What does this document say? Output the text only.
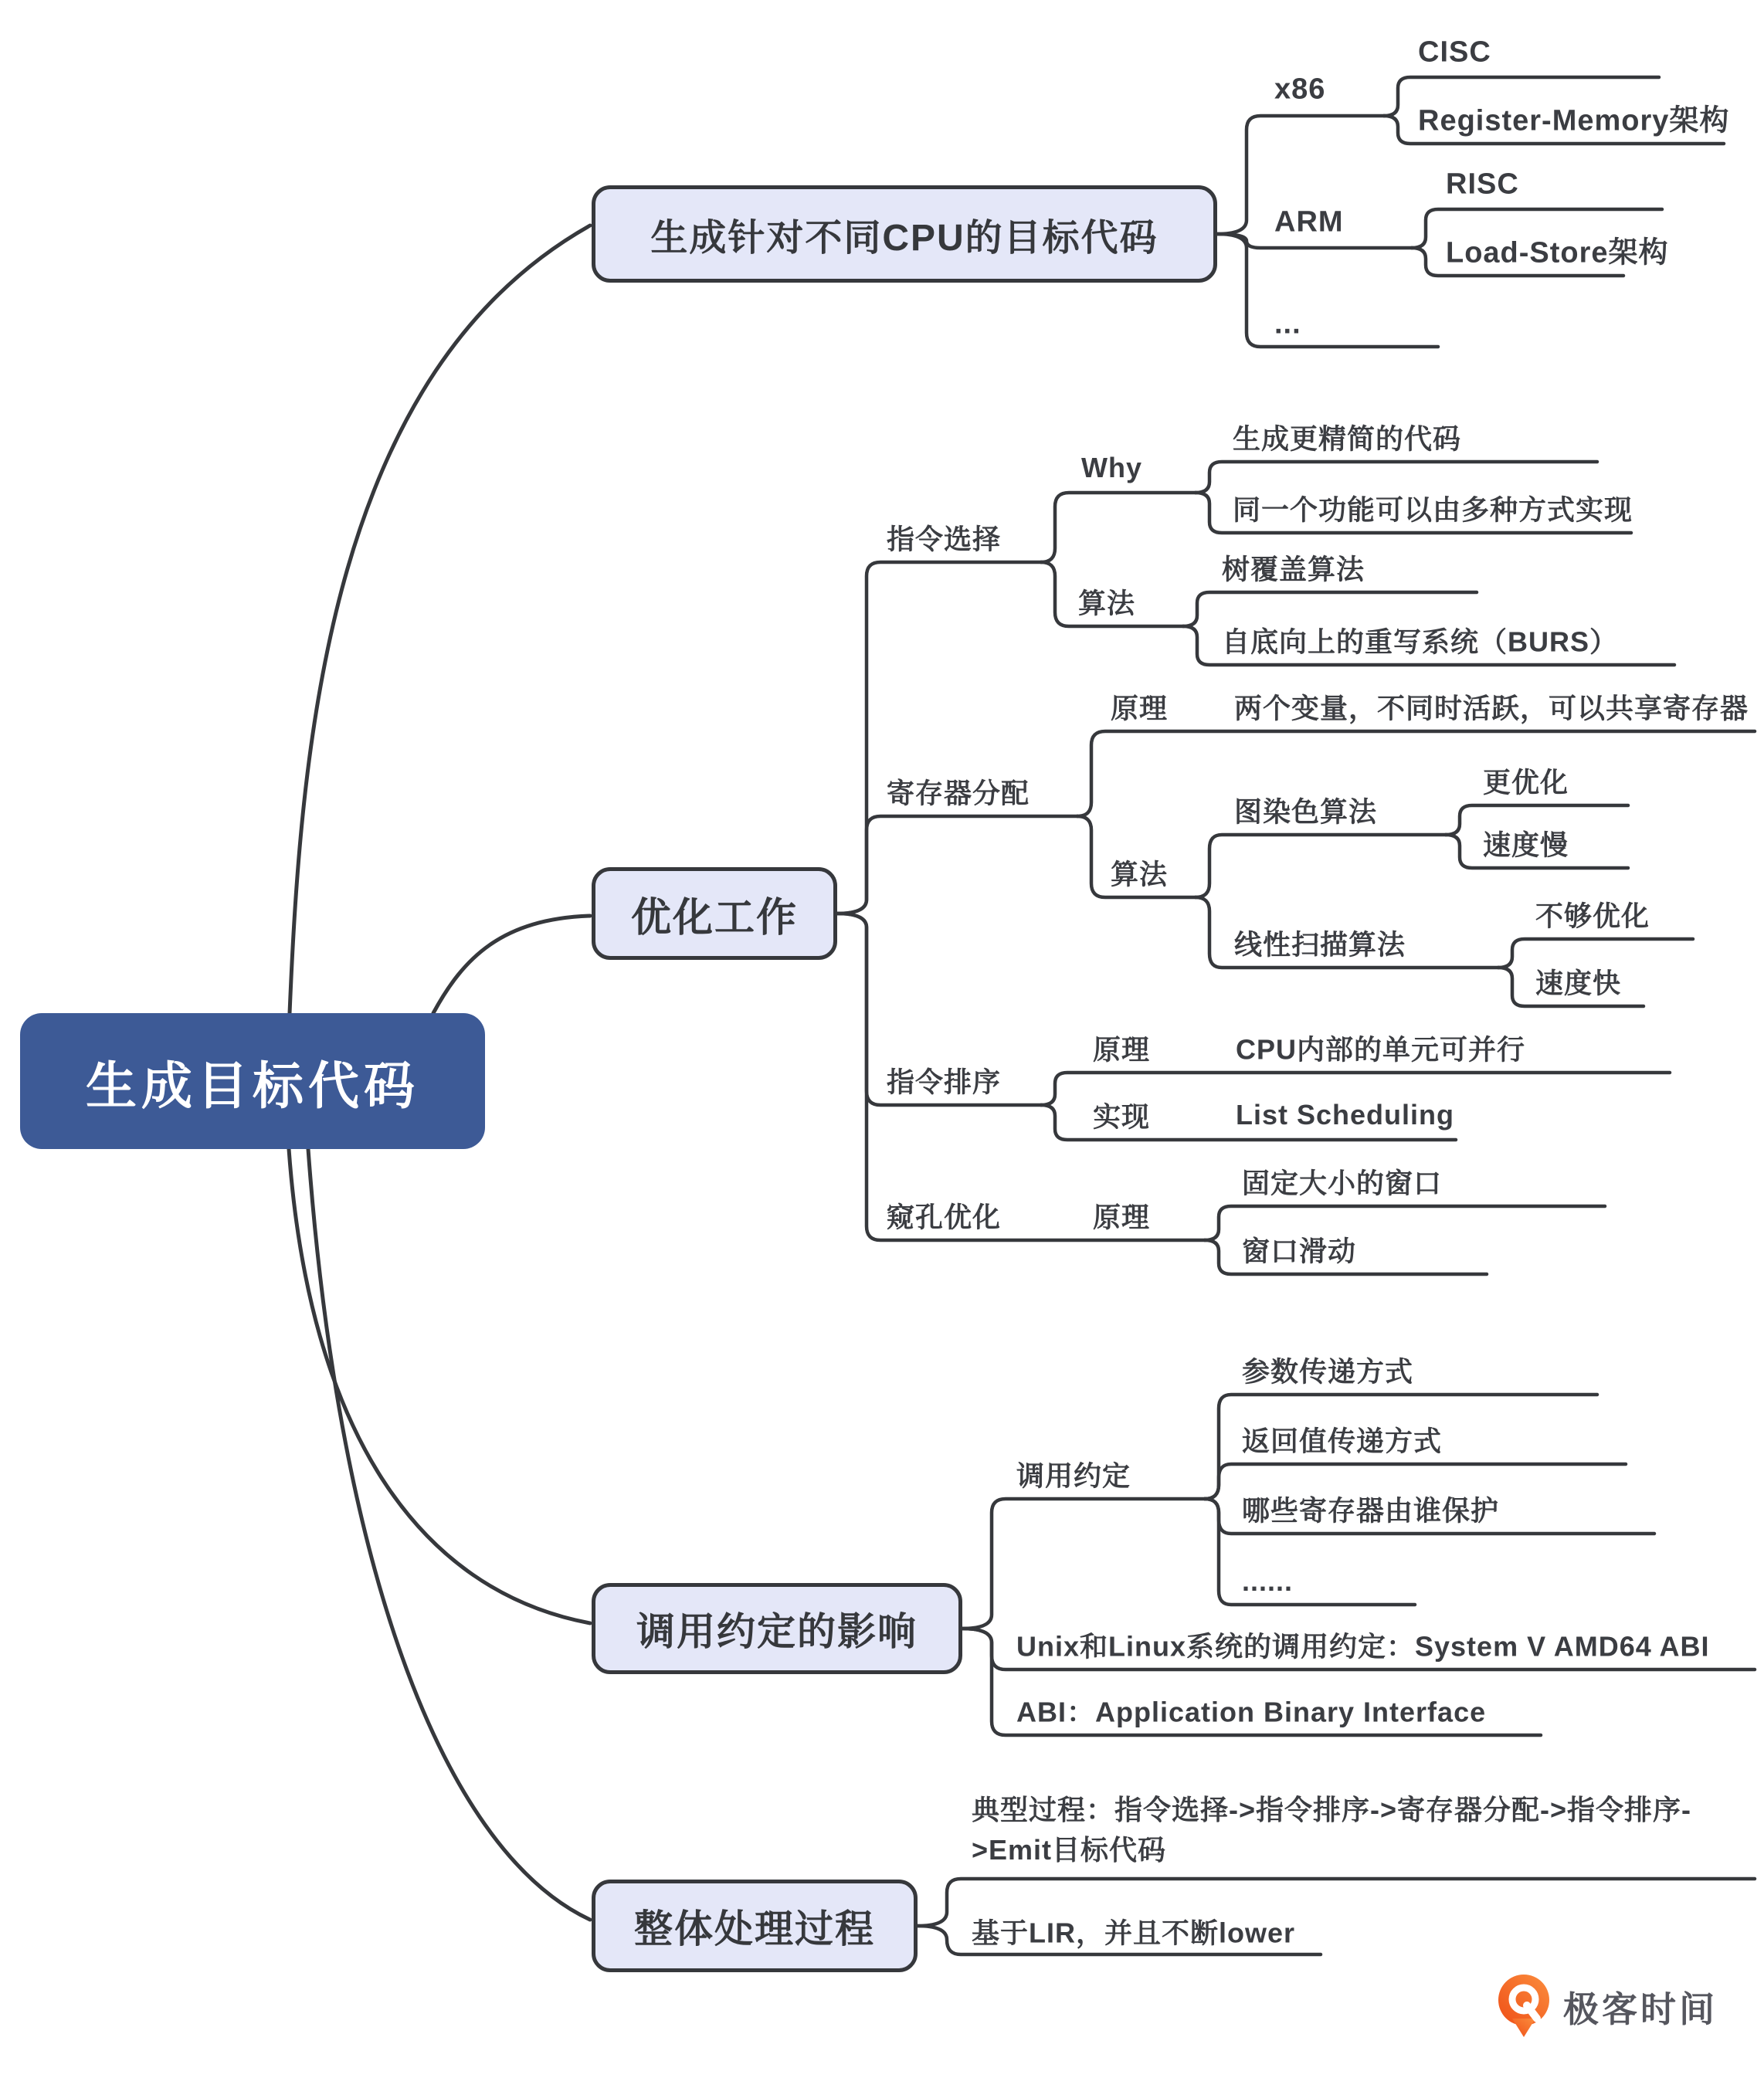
生成目标代码
生成针对不同CPU的目标代码
优化工作
调用约定的影响
整体处理过程
x86
CISC
Register-Memory架构
ARM
RISC
Load-Store架构
...
指令选择
Why
生成更精简的代码
同一个功能可以由多种方式实现
算法
树覆盖算法
自底向上的重写系统（BURS）
寄存器分配
原理 两个变量，不同时活跃，可以共享寄存器
算法
图染色算法
更优化
速度慢
线性扫描算法
不够优化
速度快
指令排序
原理	CPU内部的单元可并行
实现	List Scheduling
窥孔优化	原理
固定大小的窗口
窗口滑动
调用约定
参数传递方式
返回值传递方式
哪些寄存器由谁保护
......
Unix和Linux系统的调用约定：System V AMD64 ABI
ABI：Application Binary Interface
典型过程：指令选择->指令排序->寄存器分配->指令排序->Emit目标代码
基于LIR，并且不断lower
极客时间
